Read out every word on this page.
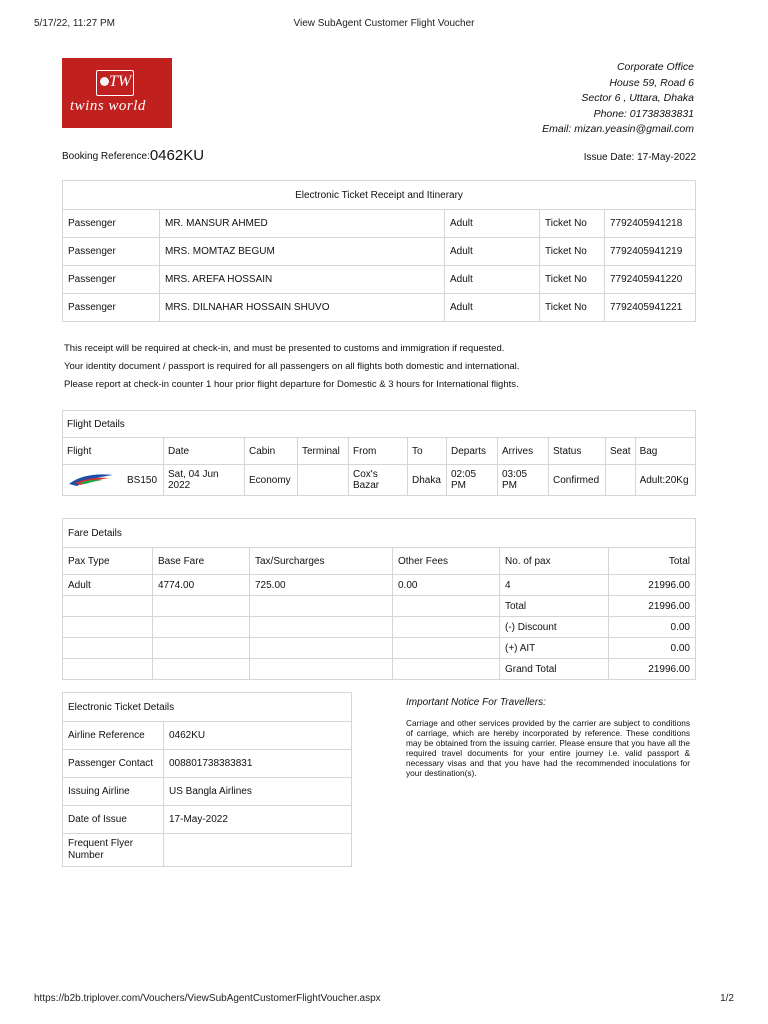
5/17/22, 11:27 PM	View SubAgent Customer Flight Voucher
TW
twins world
Corporate Office
House 59, Road 6
Sector 6 , Uttara, Dhaka
Phone: 01738383831
Email: mizan.yeasin@gmail.com
Booking Reference:0462KU	Issue Date: 17-May-2022
Electronic Ticket Receipt and Itinerary				
Passenger	MR. MANSUR AHMED	Adult	Ticket No	7792405941218
Passenger	MRS. MOMTAZ BEGUM	Adult	Ticket No	7792405941219
Passenger	MRS. AREFA HOSSAIN	Adult	Ticket No	7792405941220
Passenger	MRS. DILNAHAR HOSSAIN SHUVO	Adult	Ticket No	7792405941221
This receipt will be required at check-in, and must be presented to customs and immigration if requested.
Your identity document / passport is required for all passengers on all flights both domestic and international.
Please report at check-in counter 1 hour prior flight departure for Domestic & 3 hours for International flights.
Flight Details											
Flight		Date	Cabin	Terminal	From	To	Departs	Arrives	Status	Seat	Bag
	BS150	Sat, 04 Jun 2022	Economy		Cox's Bazar	Dhaka	02:05 PM	03:05 PM	Confirmed		Adult:20Kg
Fare Details					
Pax Type	Base Fare	Tax/Surcharges	Other Fees	No. of pax	Total
Adult	4774.00	725.00	0.00	4	21996.00
				Total	21996.00
				(-) Discount	0.00
				(+) AIT	0.00
				Grand Total	21996.00
Electronic Ticket Details	
Airline Reference	0462KU
Passenger Contact	008801738383831
Issuing Airline	US Bangla Airlines
Date of Issue	17-May-2022
Frequent Flyer Number	
Important Notice For Travellers:
Carriage and other services provided by the carrier are subject to conditions of carriage, which are hereby incorporated by reference. These conditions may be obtained from the issuing carrier. Please ensure that you have all the required travel documents for your entire journey i.e. valid passport & necessary visas and that you have had the recommended inoculations for your destination(s).
https://b2b.triplover.com/Vouchers/ViewSubAgentCustomerFlightVoucher.aspx	1/2
